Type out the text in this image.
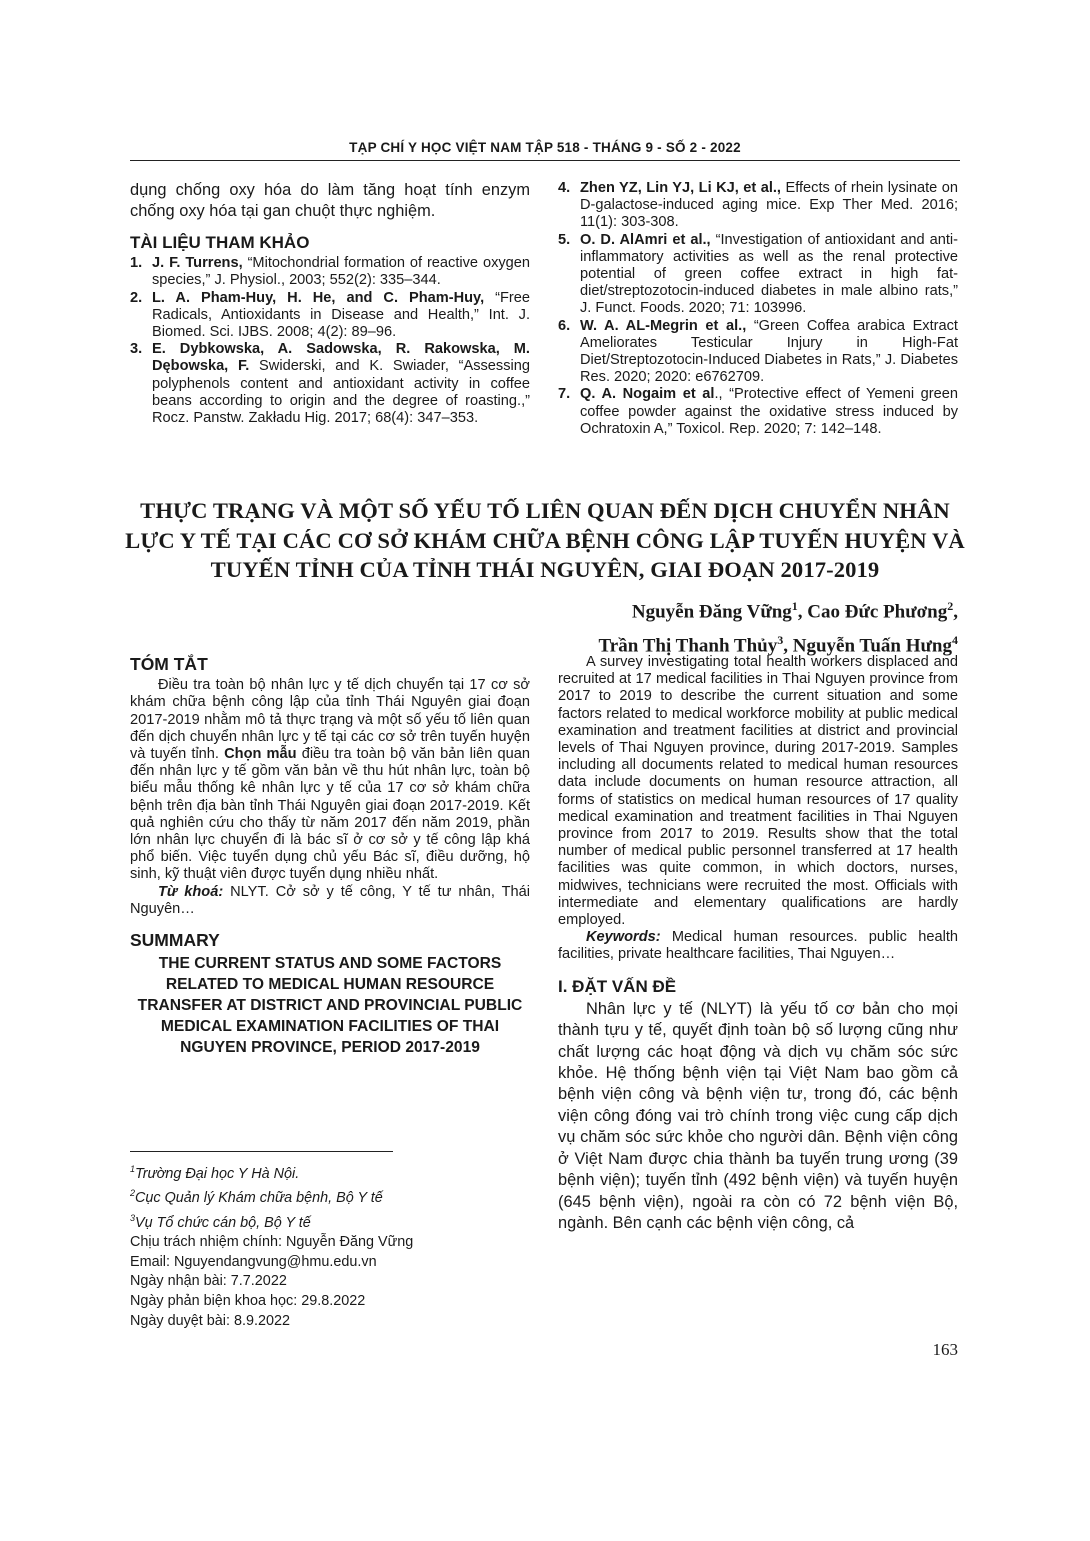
TẠP CHÍ Y HỌC VIỆT NAM TẬP 518 - THÁNG 9 - SỐ 2 - 2022
dụng chống oxy hóa do làm tăng hoạt tính enzym chống oxy hóa tại gan chuột thực nghiệm.
TÀI LIỆU THAM KHẢO
1. J. F. Turrens, “Mitochondrial formation of reactive oxygen species,” J. Physiol., 2003; 552(2): 335–344.
2. L. A. Pham-Huy, H. He, and C. Pham-Huy, “Free Radicals, Antioxidants in Disease and Health,” Int. J. Biomed. Sci. IJBS. 2008; 4(2): 89–96.
3. E. Dybkowska, A. Sadowska, R. Rakowska, M. Dębowska, F. Swiderski, and K. Swiader, “Assessing polyphenols content and antioxidant activity in coffee beans according to origin and the degree of roasting.,” Rocz. Panstw. Zakładu Hig. 2017; 68(4): 347–353.
4. Zhen YZ, Lin YJ, Li KJ, et al., Effects of rhein lysinate on D-galactose-induced aging mice. Exp Ther Med. 2016; 11(1): 303-308.
5. O. D. AlAmri et al., “Investigation of antioxidant and anti-inflammatory activities as well as the renal protective potential of green coffee extract in high fat-diet/streptozotocin-induced diabetes in male albino rats,” J. Funct. Foods. 2020; 71: 103996.
6. W. A. AL-Megrin et al., “Green Coffea arabica Extract Ameliorates Testicular Injury in High-Fat Diet/Streptozotocin-Induced Diabetes in Rats,” J. Diabetes Res. 2020; 2020: e6762709.
7. Q. A. Nogaim et al., “Protective effect of Yemeni green coffee powder against the oxidative stress induced by Ochratoxin A,” Toxicol. Rep. 2020; 7: 142–148.
THỰC TRẠNG VÀ MỘT SỐ YẾU TỐ LIÊN QUAN ĐẾN DỊCH CHUYỂN NHÂN LỰC Y TẾ TẠI CÁC CƠ SỞ KHÁM CHỮA BỆNH CÔNG LẬP TUYẾN HUYỆN VÀ TUYẾN TỈNH CỦA TỈNH THÁI NGUYÊN, GIAI ĐOẠN 2017-2019
Nguyễn Đăng Vững$^1$, Cao Đức Phương$^2$,
Trần Thị Thanh Thủy$^3$, Nguyễn Tuấn Hưng$^4$
TÓM TẮT
Điều tra toàn bộ nhân lực y tế dịch chuyển tại 17 cơ sở khám chữa bệnh công lập của tỉnh Thái Nguyên giai đoạn 2017-2019 nhằm mô tả thực trạng và một số yếu tố liên quan đến dịch chuyển nhân lực y tế tại các cơ sở trên tuyến huyện và tuyến tỉnh. Chọn mẫu điều tra toàn bộ văn bản liên quan đến nhân lực y tế gồm văn bản về thu hút nhân lực, toàn bộ biểu mẫu thống kê nhân lực y tế của 17 cơ sở khám chữa bệnh trên địa bàn tỉnh Thái Nguyên giai đoạn 2017-2019. Kết quả nghiên cứu cho thấy từ năm 2017 đến năm 2019, phần lớn nhân lực chuyển đi là bác sĩ ở cơ sở y tế công lập khá phổ biến. Việc tuyển dụng chủ yếu Bác sĩ, điều dưỡng, hộ sinh, kỹ thuật viên được tuyển dụng nhiều nhất.
Từ khoá: NLYT. Cở sở y tế công, Y tế tư nhân, Thái Nguyên…
SUMMARY
THE CURRENT STATUS AND SOME FACTORS RELATED TO MEDICAL HUMAN RESOURCE TRANSFER AT DISTRICT AND PROVINCIAL PUBLIC MEDICAL EXAMINATION FACILITIES OF THAI NGUYEN PROVINCE, PERIOD 2017-2019
A survey investigating total health workers displaced and recruited at 17 medical facilities in Thai Nguyen province from 2017 to 2019 to describe the current situation and some factors related to medical workforce mobility at public medical examination and treatment facilities at district and provincial levels of Thai Nguyen province, during 2017-2019. Samples including all documents related to medical human resources data include documents on human resource attraction, all forms of statistics on medical human resources of 17 quality medical examination and treatment facilities in Thai Nguyen province from 2017 to 2019. Results show that the total number of medical public personnel transferred at 17 health facilities was quite common, in which doctors, nurses, midwives, technicians were recruited the most. Officials with intermediate and elementary qualifications are hardly employed.
Keywords: Medical human resources. public health facilities, private healthcare facilities, Thai Nguyen…
I. ĐẶT VẤN ĐỀ
Nhân lực y tế (NLYT) là yếu tố cơ bản cho mọi thành tựu y tế, quyết định toàn bộ số lượng cũng như chất lượng các hoạt động và dịch vụ chăm sóc sức khỏe. Hệ thống bệnh viện tại Việt Nam bao gồm cả bệnh viện công và bệnh viện tư, trong đó, các bệnh viện công đóng vai trò chính trong việc cung cấp dịch vụ chăm sóc sức khỏe cho người dân. Bệnh viện công ở Việt Nam được chia thành ba tuyến trung ương (39 bệnh viện); tuyến tỉnh (492 bệnh viện) và tuyến huyện (645 bệnh viện), ngoài ra còn có 72 bệnh viện Bộ, ngành. Bên cạnh các bệnh viện công, cả
$^1$Trường Đại học Y Hà Nội.
$^2$Cục Quản lý Khám chữa bệnh, Bộ Y tế
$^3$Vụ Tổ chức cán bộ, Bộ Y tế
Chịu trách nhiệm chính: Nguyễn Đăng Vững
Email: Nguyendangvung@hmu.edu.vn
Ngày nhận bài: 7.7.2022
Ngày phản biện khoa học: 29.8.2022
Ngày duyệt bài: 8.9.2022
163
